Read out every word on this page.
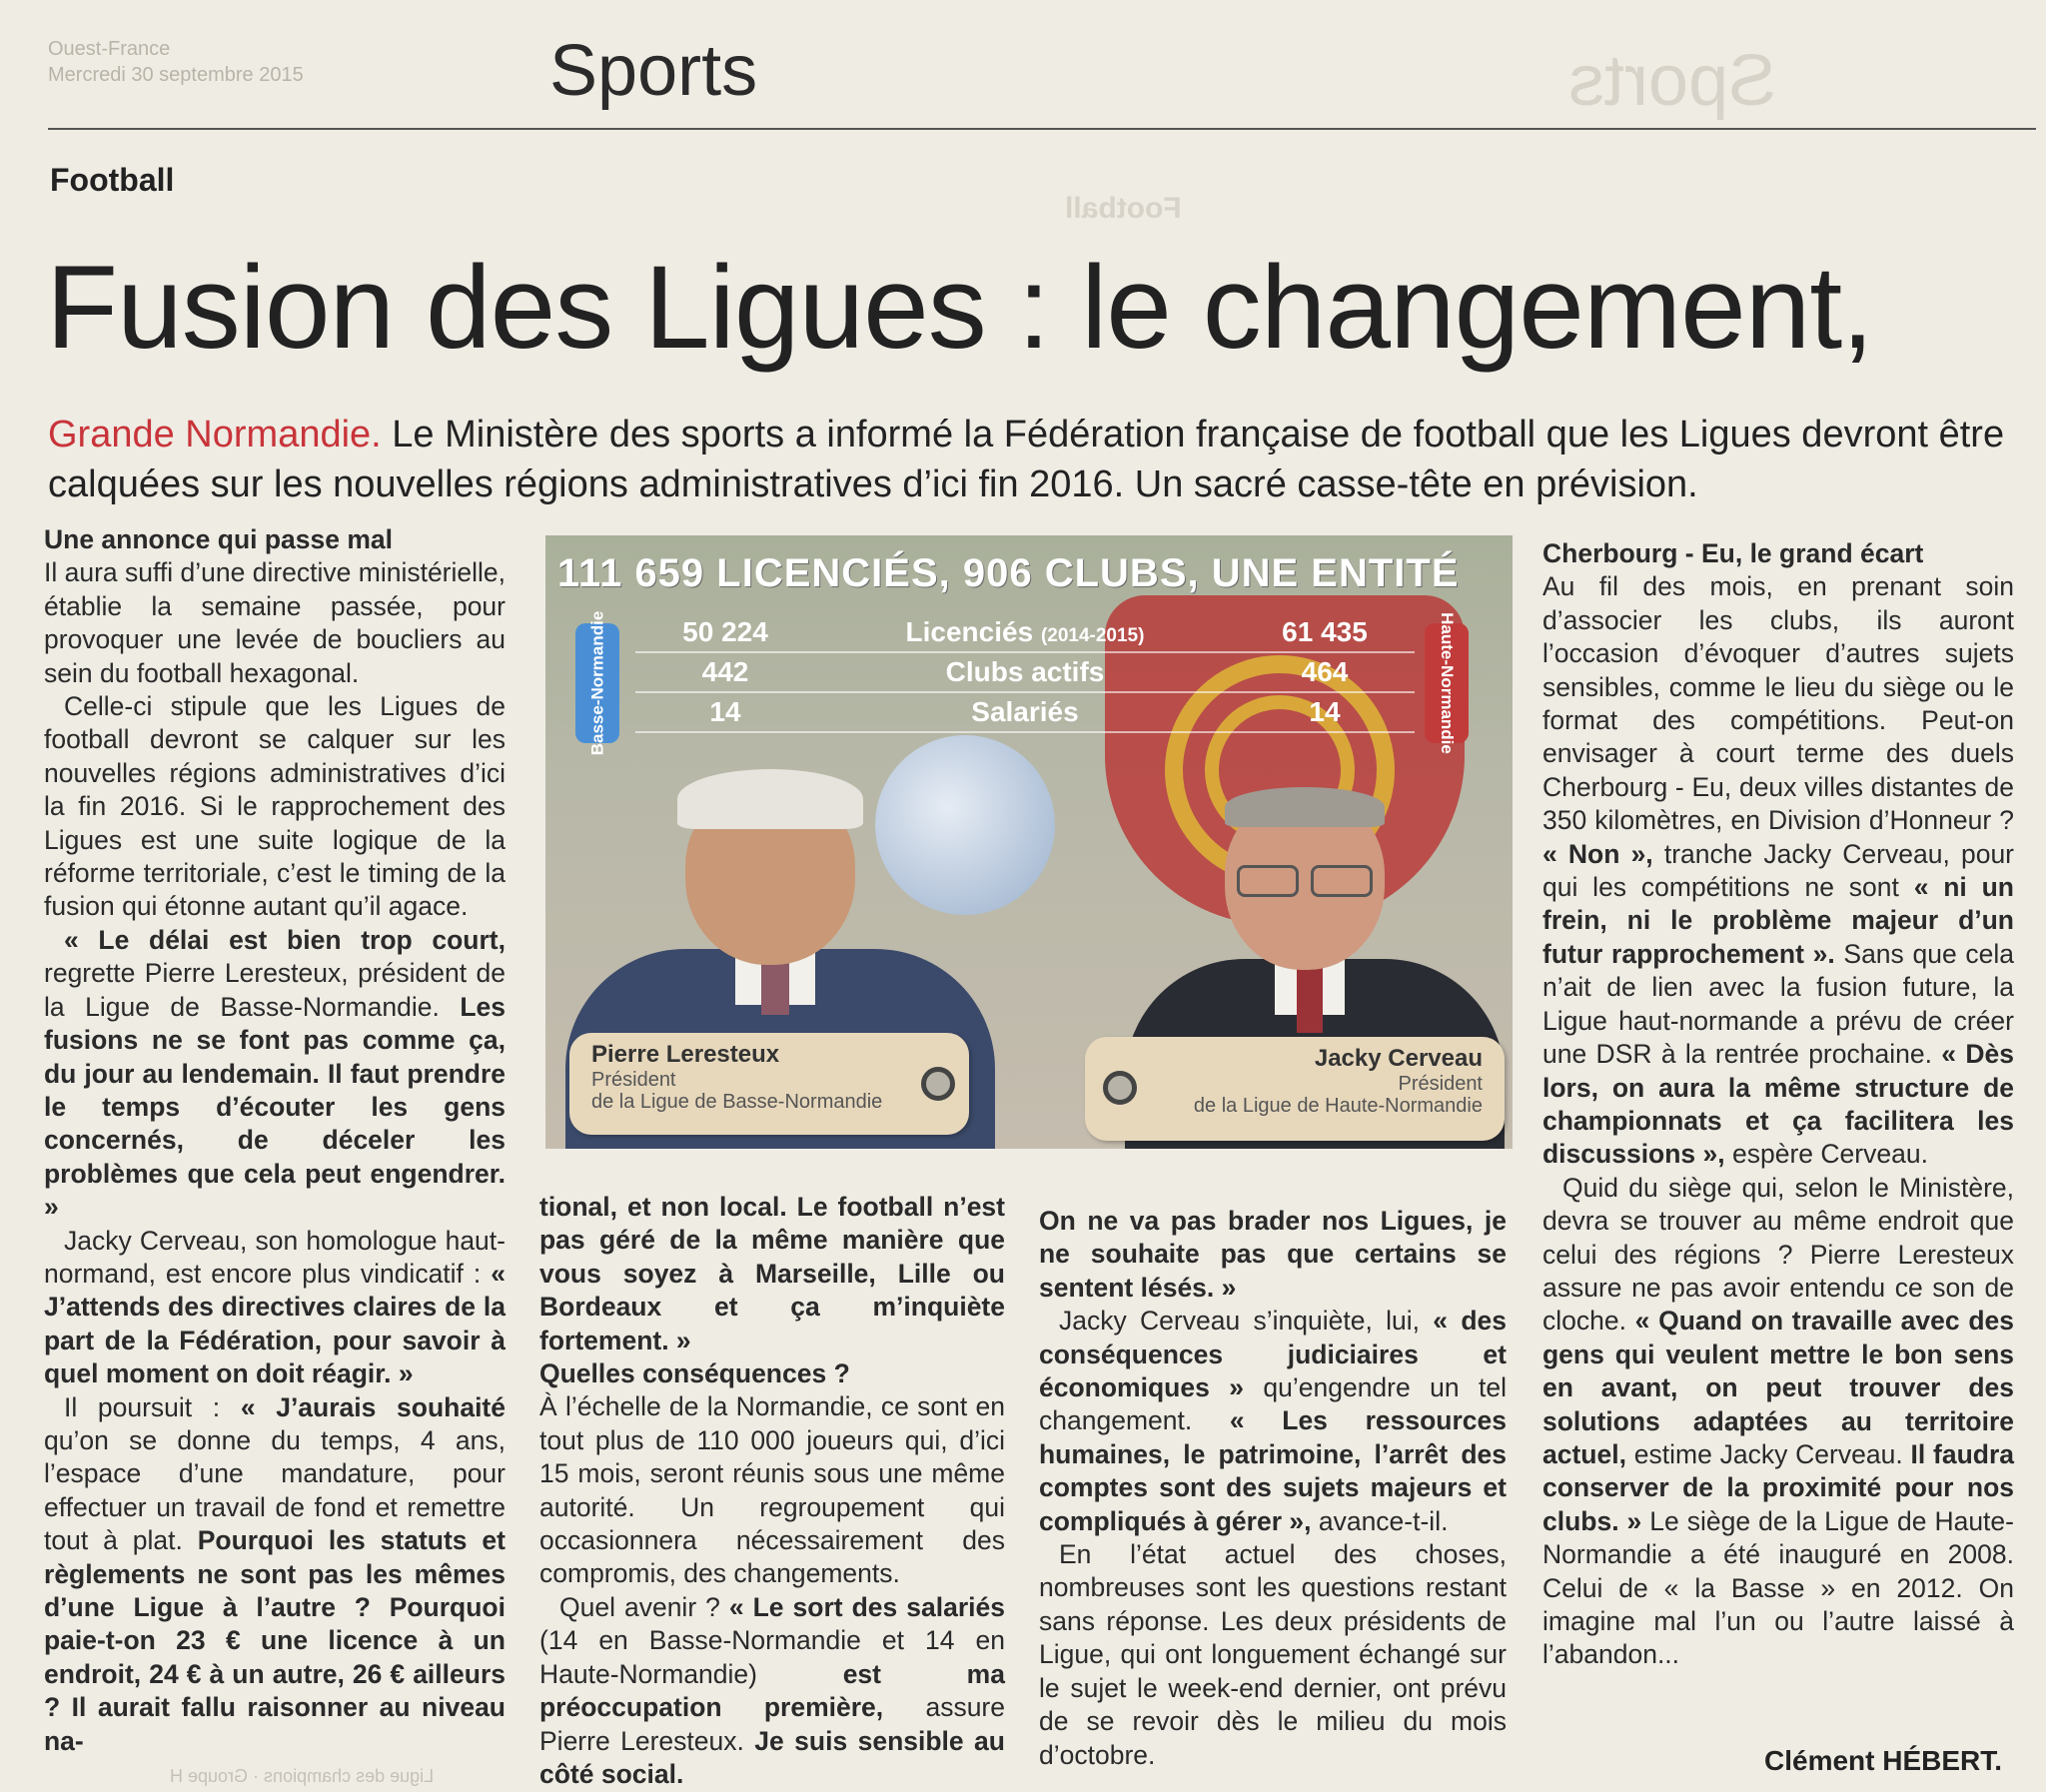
Sports
Football
Ligue des champions · Groupe H
Ouest-France
Mercredi 30 septembre 2015	Sports
Football
Fusion des Ligues : le changement,
Grande Normandie. Le Ministère des sports a informé la Fédération française de football que les Ligues devront être calquées sur les nouvelles régions administratives d’ici fin 2016. Un sacré casse-tête en prévision.
Une annonce qui passe mal

Il aura suffi d’une directive ministérielle, établie la semaine passée, pour provoquer une levée de boucliers au sein du football hexagonal.

Celle-ci stipule que les Ligues de football devront se calquer sur les nouvelles régions administratives d’ici la fin 2016. Si le rapprochement des Ligues est une suite logique de la réforme territoriale, c’est le timing de la fusion qui étonne autant qu’il agace.

« Le délai est bien trop court, regrette Pierre Leresteux, président de la Ligue de Basse-Normandie. Les fusions ne se font pas comme ça, du jour au lendemain. Il faut prendre le temps d’écouter les gens concernés, de déceler les problèmes que cela peut engendrer. »

Jacky Cerveau, son homologue haut-normand, est encore plus vindicatif : « J’attends des directives claires de la part de la Fédération, pour savoir à quel moment on doit réagir. »

Il poursuit : « J’aurais souhaité qu’on se donne du temps, 4 ans, l’espace d’une mandature, pour effectuer un travail de fond et remettre tout à plat. Pourquoi les statuts et règlements ne sont pas les mêmes d’une Ligue à l’autre ? Pourquoi paie-t-on 23 € une licence à un endroit, 24 € à un autre, 26 € ailleurs ? Il aurait fallu raisonner au niveau na-

111 659 LICENCIÉS, 906 CLUBS, UNE ENTITÉ
Basse-Normandie	Haute-Normandie
50 224	Licenciés (2014-2015)	61 435
442	Clubs actifs	464
14	Salariés	14
Pierre Leresteux
Président
de la Ligue de Basse-Normandie
Jacky Cerveau
Président
de la Ligue de Haute-Normandie

tional, et non local. Le football n’est pas géré de la même manière que vous soyez à Marseille, Lille ou Bordeaux et ça m’inquiète fortement. »

Quelles conséquences ?

À l’échelle de la Normandie, ce sont en tout plus de 110 000 joueurs qui, d’ici 15 mois, seront réunis sous une même autorité. Un regroupement qui occasionnera nécessairement des compromis, des changements.

Quel avenir ? « Le sort des salariés (14 en Basse-Normandie et 14 en Haute-Normandie)	est ma préoccupation première, assure Pierre Leresteux. Je suis sensible au côté social.

On ne va pas brader nos Ligues, je ne souhaite pas que certains se sentent lésés. »

Jacky Cerveau s’inquiète, lui, « des conséquences judiciaires et économiques » qu’engendre un tel changement. « Les ressources humaines, le patrimoine, l’arrêt des comptes sont des sujets majeurs et compliqués à gérer », avance-t-il.

En l’état actuel des choses, nombreuses sont les questions restant sans réponse. Les deux présidents de Ligue, qui ont longuement échangé sur le sujet le week-end dernier, ont prévu de se revoir dès le milieu du mois d’octobre.

Cherbourg - Eu, le grand écart

Au fil des mois, en prenant soin d’associer les clubs, ils auront l’occasion d’évoquer d’autres sujets sensibles, comme le lieu du siège ou le format des compétitions. Peut-on envisager à court terme des duels Cherbourg - Eu, deux villes distantes de 350 kilomètres, en Division d’Honneur ? « Non », tranche Jacky Cerveau, pour qui les compétitions ne sont « ni un frein, ni le problème majeur d’un futur rapprochement ». Sans que cela n’ait de lien avec la fusion future, la Ligue haut-normande a prévu de créer une DSR à la rentrée prochaine. « Dès lors, on aura la même structure de championnats et ça facilitera les discussions », espère Cerveau.

Quid du siège qui, selon le Ministère, devra se trouver au même endroit que celui des régions ? Pierre Leresteux assure ne pas avoir entendu ce son de cloche. « Quand on travaille avec des gens qui veulent mettre le bon sens en avant, on peut trouver des solutions adaptées au territoire actuel, estime Jacky Cerveau. Il faudra conserver de la proximité pour nos clubs. » Le siège de la Ligue de Haute-Normandie a été inauguré en 2008. Celui de « la Basse » en 2012. On imagine mal l’un ou l’autre laissé à l’abandon...

Clément HÉBERT.
